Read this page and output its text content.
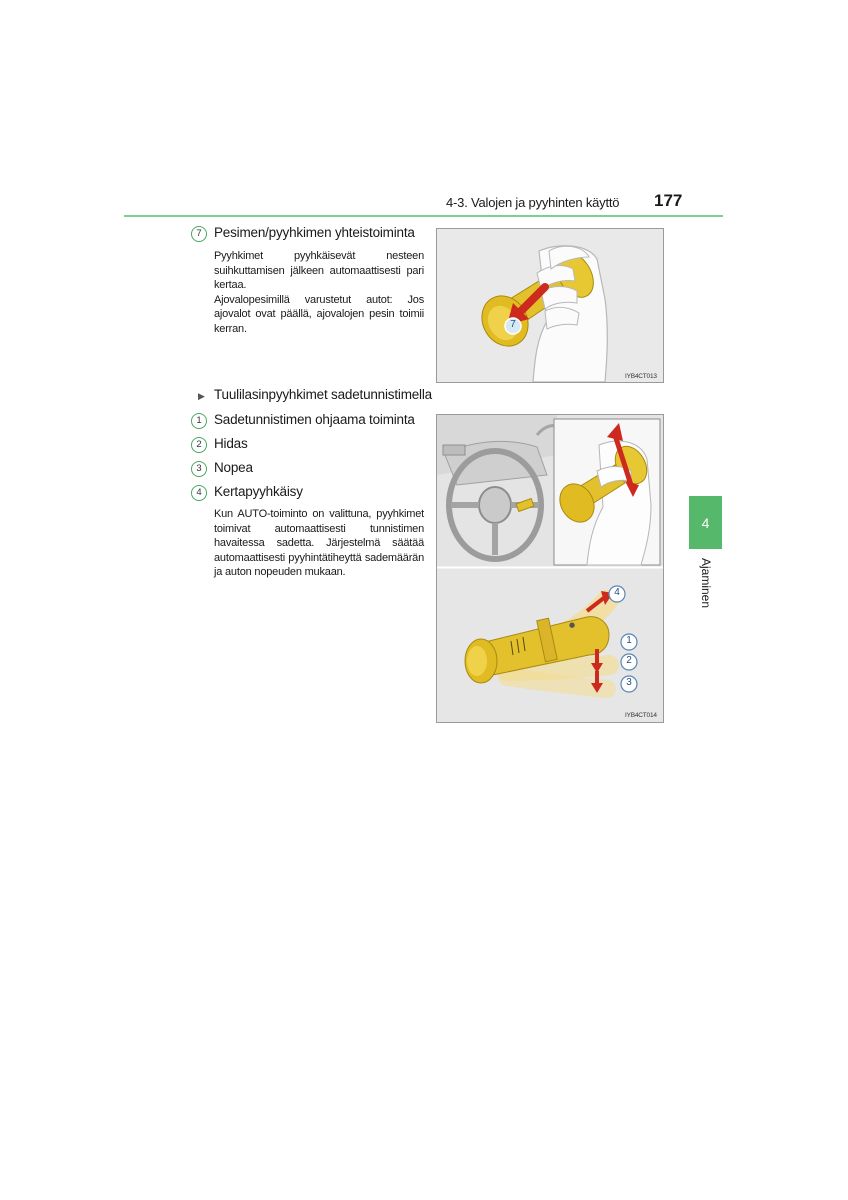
4-3. Valojen ja pyyhinten käyttö 177
4
Ajaminen
7 Pesimen/pyyhkimen yhteistoiminta

Pyyhkimet pyyhkäisevät nesteen suihkuttamisen jälkeen automaattisesti pari kertaa.

Ajovalopesimillä varustetut autot: Jos ajovalot ovat päällä, ajovalojen pesin toimii kerran.

▶ Tuulilasinpyyhkimet sadetunnistimella
1 Sadetunnistimen ohjaama toiminta
2 Hidas
3 Nopea
4 Kertapyyhkäisy

Kun AUTO-toiminto on valittuna, pyyhkimet toimivat automaattisesti tunnistimen havaitessa sadetta. Järjestelmä säätää automaattisesti pyyhintätiheyttä sademäärän ja auton nopeuden mukaan.

7
IYB4CT013
●
4
1
2
3
IYB4CT014
